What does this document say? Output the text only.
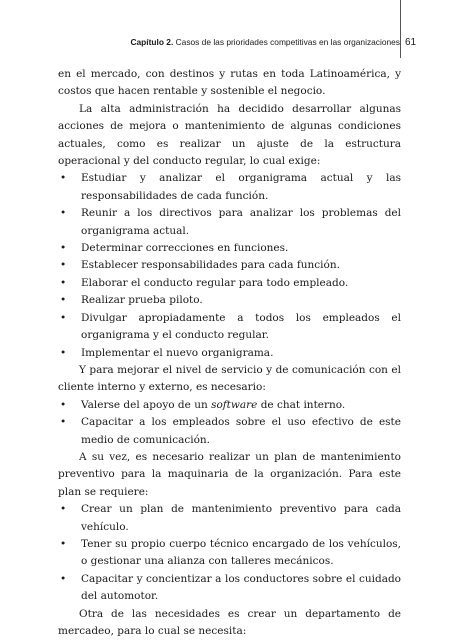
Capítulo 2. Casos de las prioridades competitivas en las organizaciones 61

en el mercado, con destinos y rutas en toda Latinoamérica, y costos que hacen rentable y sostenible el negocio.

La alta administración ha decidido desarrollar algunas acciones de mejora o mantenimiento de algunas condiciones actuales, como es realizar un ajuste de la estructura operacional y del conducto regular, lo cual exige:

• Estudiar y analizar el organigrama actual y las responsabilidades de cada función.
• Reunir a los directivos para analizar los problemas del organigrama actual.
• Determinar correcciones en funciones.
• Establecer responsabilidades para cada función.
• Elaborar el conducto regular para todo empleado.
• Realizar prueba piloto.
• Divulgar apropiadamente a todos los empleados el organigrama y el conducto regular.
• Implementar el nuevo organigrama.

Y para mejorar el nivel de servicio y de comunicación con el cliente interno y externo, es necesario:

• Valerse del apoyo de un software de chat interno.
• Capacitar a los empleados sobre el uso efectivo de este medio de comunicación.

A su vez, es necesario realizar un plan de mantenimiento preventivo para la maquinaria de la organización. Para este plan se requiere:

• Crear un plan de mantenimiento preventivo para cada vehículo.
• Tener su propio cuerpo técnico encargado de los vehículos, o gestionar una alianza con talleres mecánicos.
• Capacitar y concientizar a los conductores sobre el cuidado del automotor.

Otra de las necesidades es crear un departamento de mercadeo, para lo cual se necesita:
